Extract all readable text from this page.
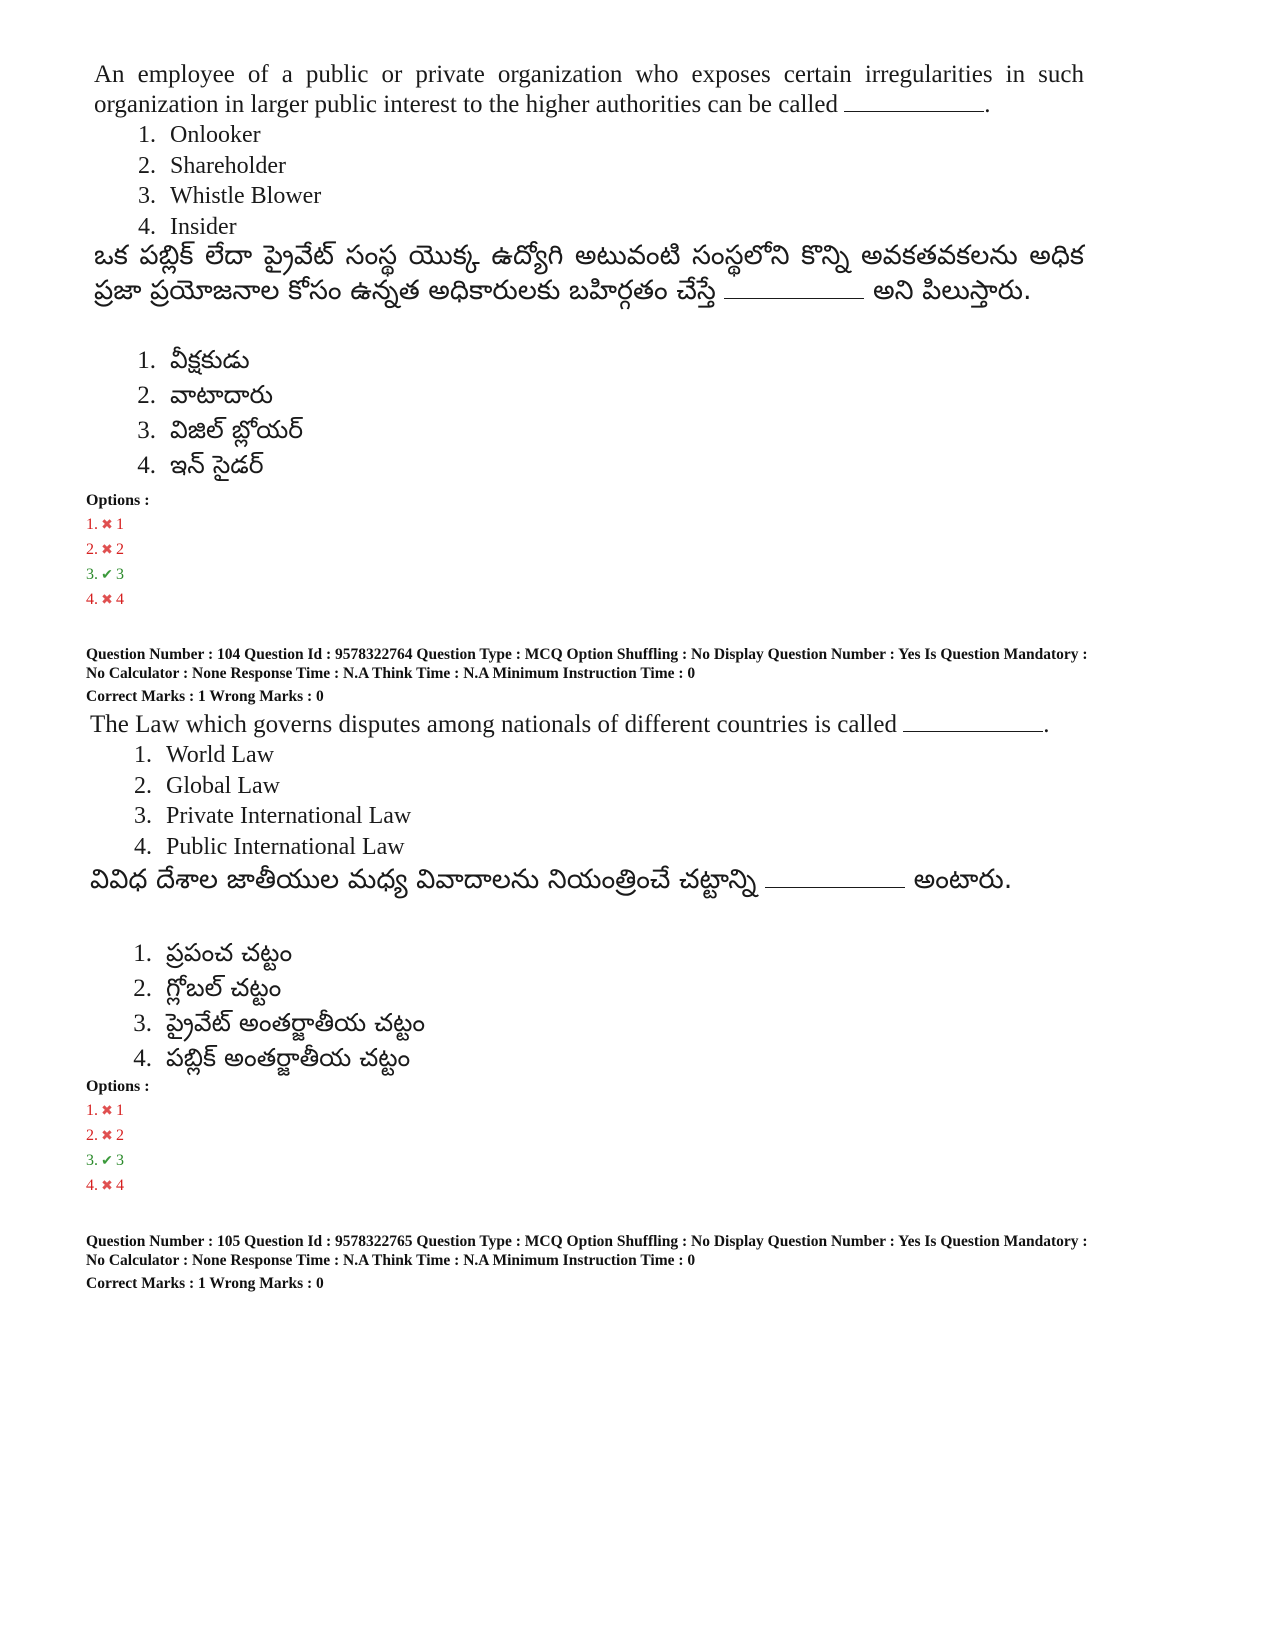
An employee of a public or private organization who exposes certain irregularities in such organization in larger public interest to the higher authorities can be called	.
1. Onlooker
2. Shareholder
3. Whistle Blower
4. Insider
ఒక పబ్లిక్ లేదా ప్రైవేట్ సంస్థ యొక్క ఉద్యోగి అటువంటి సంస్థలోని కొన్ని అవకతవకలను అధిక ప్రజా ప్రయోజనాల కోసం ఉన్నత అధికారులకు బహిర్గతం చేస్తే	అని పిలుస్తారు.
1. వీక్షకుడు
2. వాటాదారు
3. విజిల్ బ్లోయర్
4. ఇన్ సైడర్
Options :
1. ✖ 1
2. ✖ 2
3. ✔ 3
4. ✖ 4
Question Number : 104 Question Id : 9578322764 Question Type : MCQ Option Shuffling : No Display Question Number : Yes Is Question Mandatory :
No Calculator : None Response Time : N.A Think Time : N.A Minimum Instruction Time : 0
Correct Marks : 1 Wrong Marks : 0
The Law which governs disputes among nationals of different countries is called	.
1. World Law
2. Global Law
3. Private International Law
4. Public International Law
వివిధ దేశాల జాతీయుల మధ్య వివాదాలను నియంత్రించే చట్టాన్ని	అంటారు.
1. ప్రపంచ చట్టం
2. గ్లోబల్ చట్టం
3. ప్రైవేట్ అంతర్జాతీయ చట్టం
4. పబ్లిక్ అంతర్జాతీయ చట్టం
Options :
1. ✖ 1
2. ✖ 2
3. ✔ 3
4. ✖ 4
Question Number : 105 Question Id : 9578322765 Question Type : MCQ Option Shuffling : No Display Question Number : Yes Is Question Mandatory :
No Calculator : None Response Time : N.A Think Time : N.A Minimum Instruction Time : 0
Correct Marks : 1 Wrong Marks : 0
